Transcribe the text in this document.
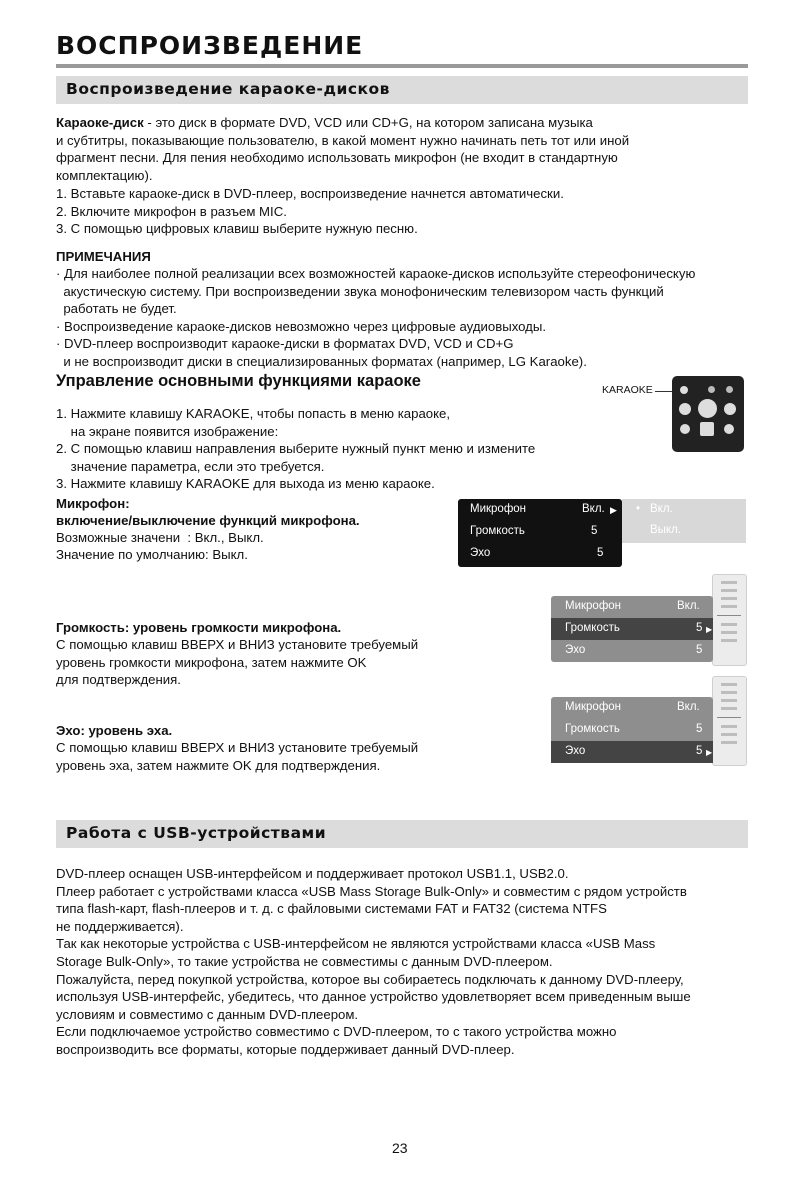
ВОСПРОИЗВЕДЕНИЕ
Воспроизведение караоке-дисков
Караоке-диск - это диск в формате DVD, VCD или CD+G, на котором записана музыка
и субтитры, показывающие пользователю, в какой момент нужно начинать петь тот или иной
фрагмент песни. Для пения необходимо использовать микрофон (не входит в стандартную
комплектацию).
1. Вставьте караоке-диск в DVD-плеер, воспроизведение начнется автоматически.
2. Включите микрофон в разъем MIC.
3. С помощью цифровых клавиш выберите нужную песню.
ПРИМЕЧАНИЯ
· Для наиболее полной реализации всех возможностей караоке-дисков используйте стереофоническую
акустическую систему. При воспроизведении звука монофоническим телевизором часть функций
работать не будет.
· Воспроизведение караоке-дисков невозможно через цифровые аудиовыходы.
· DVD-плеер воспроизводит караоке-диски в форматах DVD, VCD и CD+G
и не воспроизводит диски в специализированных форматах (например, LG Karaoke).
Управление основными функциями караоке
1. Нажмите клавишу KARAOKE, чтобы попасть в меню караоке,
на экране появится изображение:
2. С помощью клавиш направления выберите нужный пункт меню и измените
значение параметра, если это требуется.
3. Нажмите клавишу KARAOKE для выхода из меню караоке.
KARAOKE
Микрофон:
включение/выключение функций микрофона.
Возможные значени  : Вкл., Выкл.
Значение по умолчанию: Выкл.
Микрофон	Вкл. ▶
Громкость	5
Эхо	5
• Вкл.
Выкл.
Громкость: уровень громкости микрофона.
С помощью клавиш ВВЕРХ и ВНИЗ установите требуемый
уровень громкости микрофона, затем нажмите OK
для подтверждения.
Микрофон	Вкл.
Громкость	5 ▶
Эхо	5
Эхо: уровень эха.
С помощью клавиш ВВЕРХ и ВНИЗ установите требуемый
уровень эха, затем нажмите OK для подтверждения.
Микрофон	Вкл.
Громкость	5
Эхо	5 ▶
Работа с USB-устройствами
DVD-плеер оснащен USB-интерфейсом и поддерживает протокол USB1.1, USB2.0.
Плеер работает с устройствами класса «USB Mass Storage Bulk-Only» и совместим с рядом устройств
типа flash-карт, flash-плееров и т. д. с файловыми системами FAT и FAT32 (система NTFS
не поддерживается).
Так как некоторые устройства с USB-интерфейсом не являются устройствами класса «USB Mass
Storage Bulk-Only», то такие устройства не совместимы с данным DVD-плеером.
Пожалуйста, перед покупкой устройства, которое вы собираетесь подключать к данному DVD-плееру,
используя USB-интерфейс, убедитесь, что данное устройство удовлетворяет всем приведенным выше
условиям и совместимо с данным DVD-плеером.
Если подключаемое устройство совместимо с DVD-плеером, то с такого устройства можно
воспроизводить все форматы, которые поддерживает данный DVD-плеер.
23
